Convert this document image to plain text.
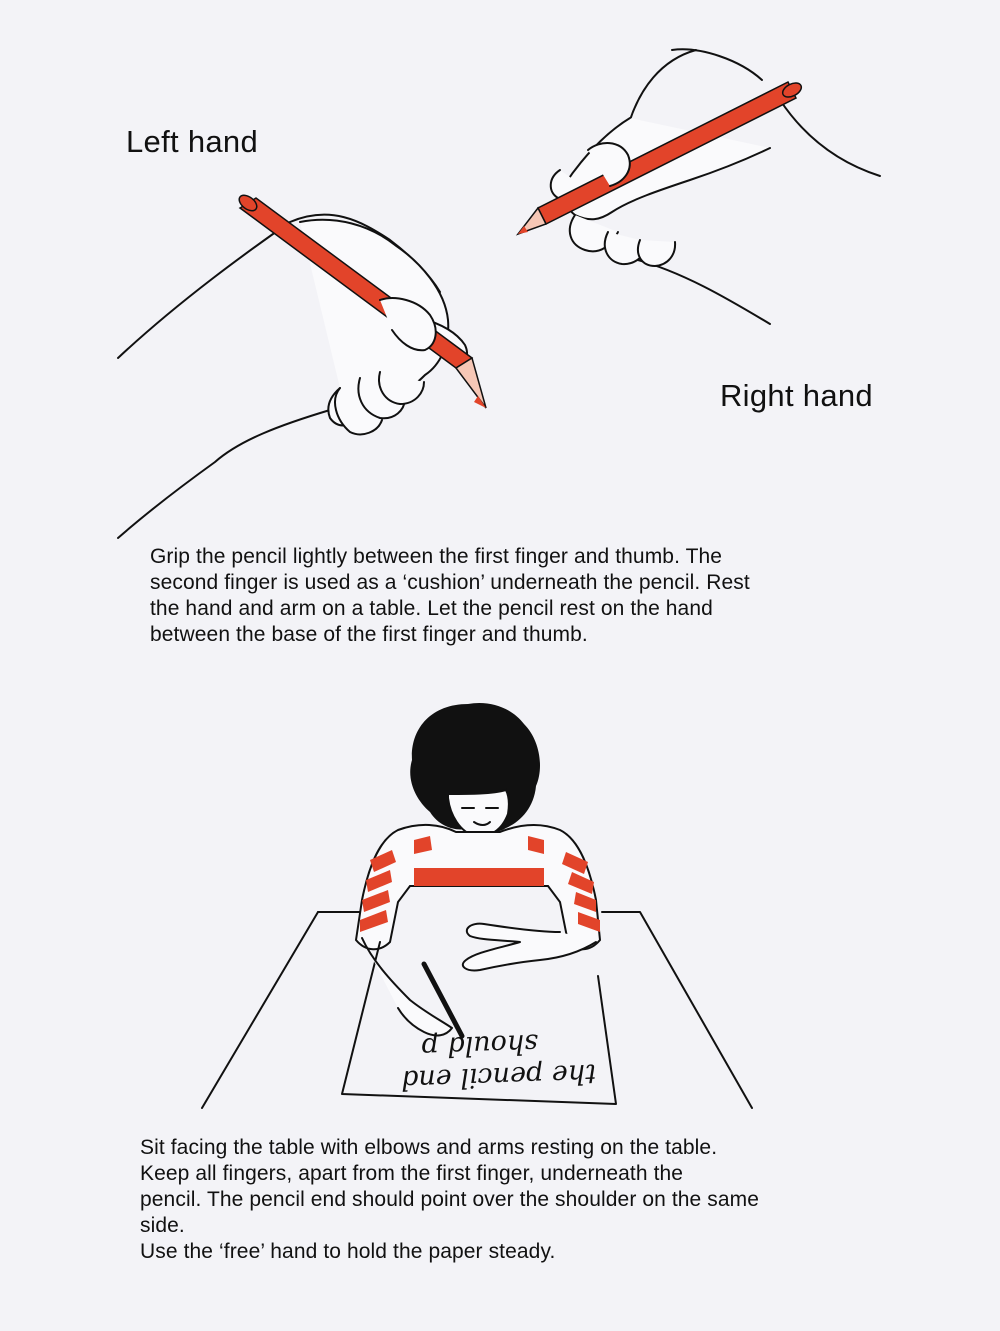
Left hand
Right hand

Grip the pencil lightly between the first finger and thumb. The

second finger is used as a ‘cushion’ underneath the pencil. Rest

the hand and arm on a table. Let the pencil rest on the hand

between the base of the first finger and thumb.

the pencil end
should p

Sit facing the table with elbows and arms resting on the table.

Keep all fingers, apart from the first finger, underneath the

pencil. The pencil end should point over the shoulder on the same

side.

Use the ‘free’ hand to hold the paper steady.
